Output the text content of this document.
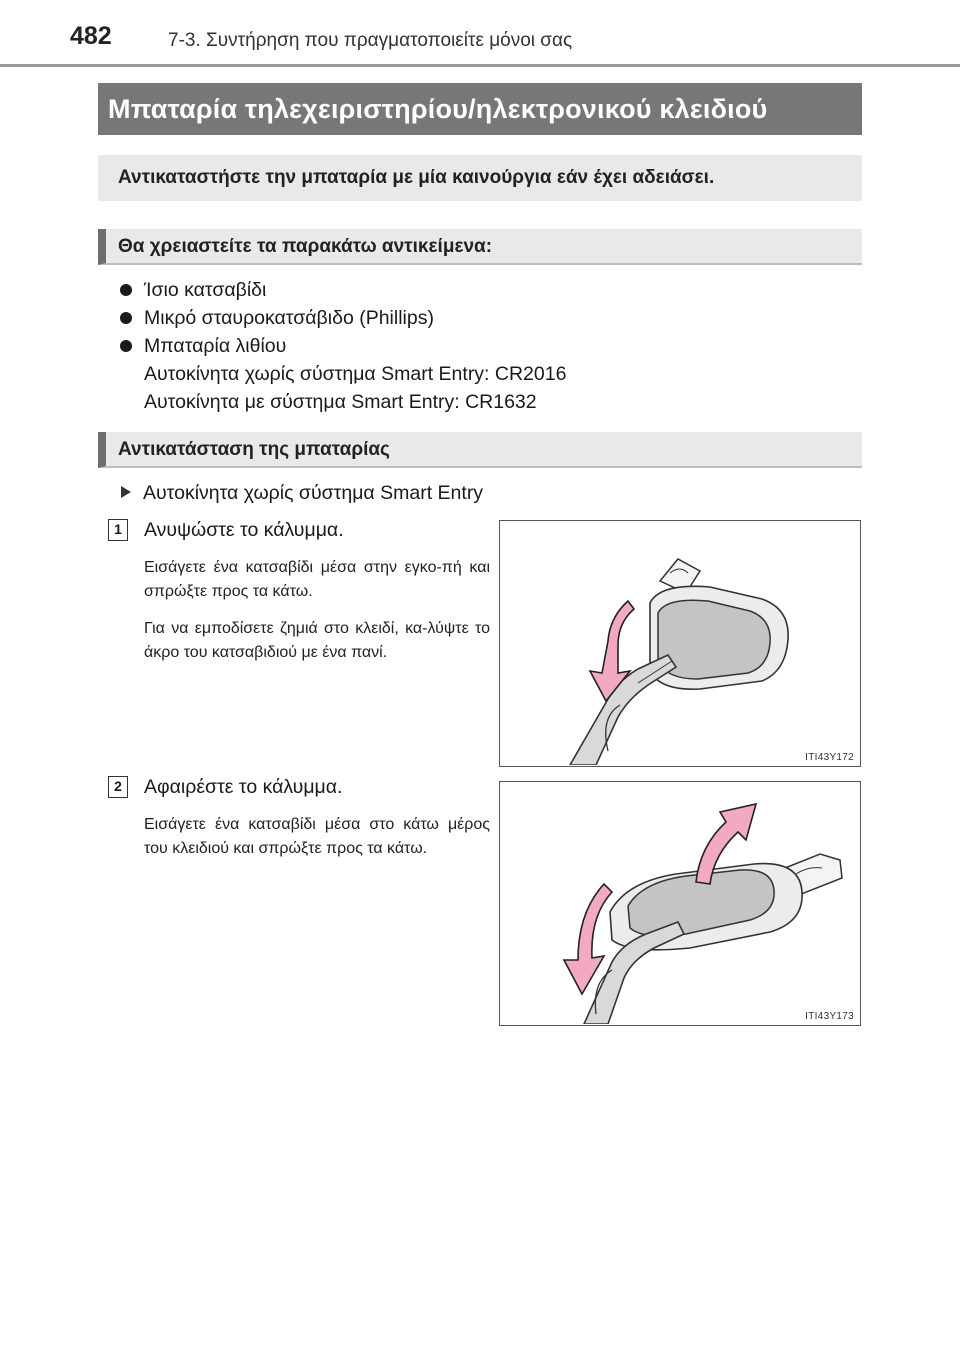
482	7-3. Συντήρηση που πραγματοποιείτε μόνοι σας
Μπαταρία τηλεχειριστηρίου/ηλεκτρονικού κλειδιού
Αντικαταστήστε την μπαταρία με μία καινούργια εάν έχει αδειάσει.
Θα χρειαστείτε τα παρακάτω αντικείμενα:
Ίσιο κατσαβίδι
Μικρό σταυροκατσάβιδο (Phillips)
Μπαταρία λιθίου
Αυτοκίνητα χωρίς σύστημα Smart Entry: CR2016
Αυτοκίνητα με σύστημα Smart Entry: CR1632
Αντικατάσταση της μπαταρίας
Αυτοκίνητα χωρίς σύστημα Smart Entry
1	Ανυψώστε το κάλυμμα.

Εισάγετε ένα κατσαβίδι μέσα στην εγκο-πή και σπρώξτε προς τα κάτω.

Για να εμποδίσετε ζημιά στο κλειδί, κα-λύψτε το άκρο του κατσαβιδιού με ένα πανί.

ITI43Y172
2	Αφαιρέστε το κάλυμμα.

Εισάγετε ένα κατσαβίδι μέσα στο κάτω μέρος του κλειδιού και σπρώξτε προς τα κάτω.

ITI43Y173
